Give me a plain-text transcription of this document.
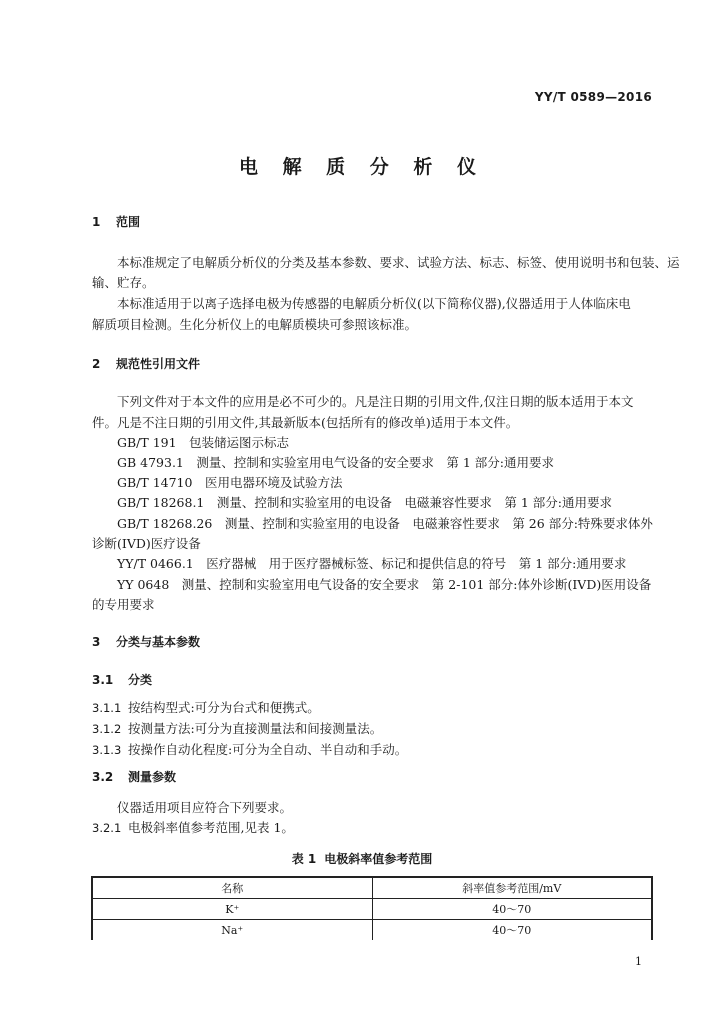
YY/T 0589—2016
电 解 质 分 析 仪
1 范围
本标准规定了电解质分析仪的分类及基本参数、要求、试验方法、标志、标签、使用说明书和包装、运
输、贮存。
本标准适用于以离子选择电极为传感器的电解质分析仪(以下简称仪器),仪器适用于人体临床电
解质项目检测。生化分析仪上的电解质模块可参照该标准。
2 规范性引用文件
下列文件对于本文件的应用是必不可少的。凡是注日期的引用文件,仅注日期的版本适用于本文
件。凡是不注日期的引用文件,其最新版本(包括所有的修改单)适用于本文件。
GB/T 191　包装储运图示标志
GB 4793.1　测量、控制和实验室用电气设备的安全要求　第 1 部分:通用要求
GB/T 14710　医用电器环境及试验方法
GB/T 18268.1　测量、控制和实验室用的电设备　电磁兼容性要求　第 1 部分:通用要求
GB/T 18268.26　测量、控制和实验室用的电设备　电磁兼容性要求　第 26 部分:特殊要求体外
诊断(IVD)医疗设备
YY/T 0466.1　医疗器械　用于医疗器械标签、标记和提供信息的符号　第 1 部分:通用要求
YY 0648　测量、控制和实验室用电气设备的安全要求　第 2-101 部分:体外诊断(IVD)医用设备
的专用要求
3 分类与基本参数
3.1 分类
3.1.1 按结构型式:可分为台式和便携式。
3.1.2 按测量方法:可分为直接测量法和间接测量法。
3.1.3 按操作自动化程度:可分为全自动、半自动和手动。
3.2 测量参数
仪器适用项目应符合下列要求。
3.2.1 电极斜率值参考范围,见表 1。
表 1 电极斜率值参考范围
名称	斜率值参考范围/mV
K⁺	40～70
Na⁺	40～70
1
